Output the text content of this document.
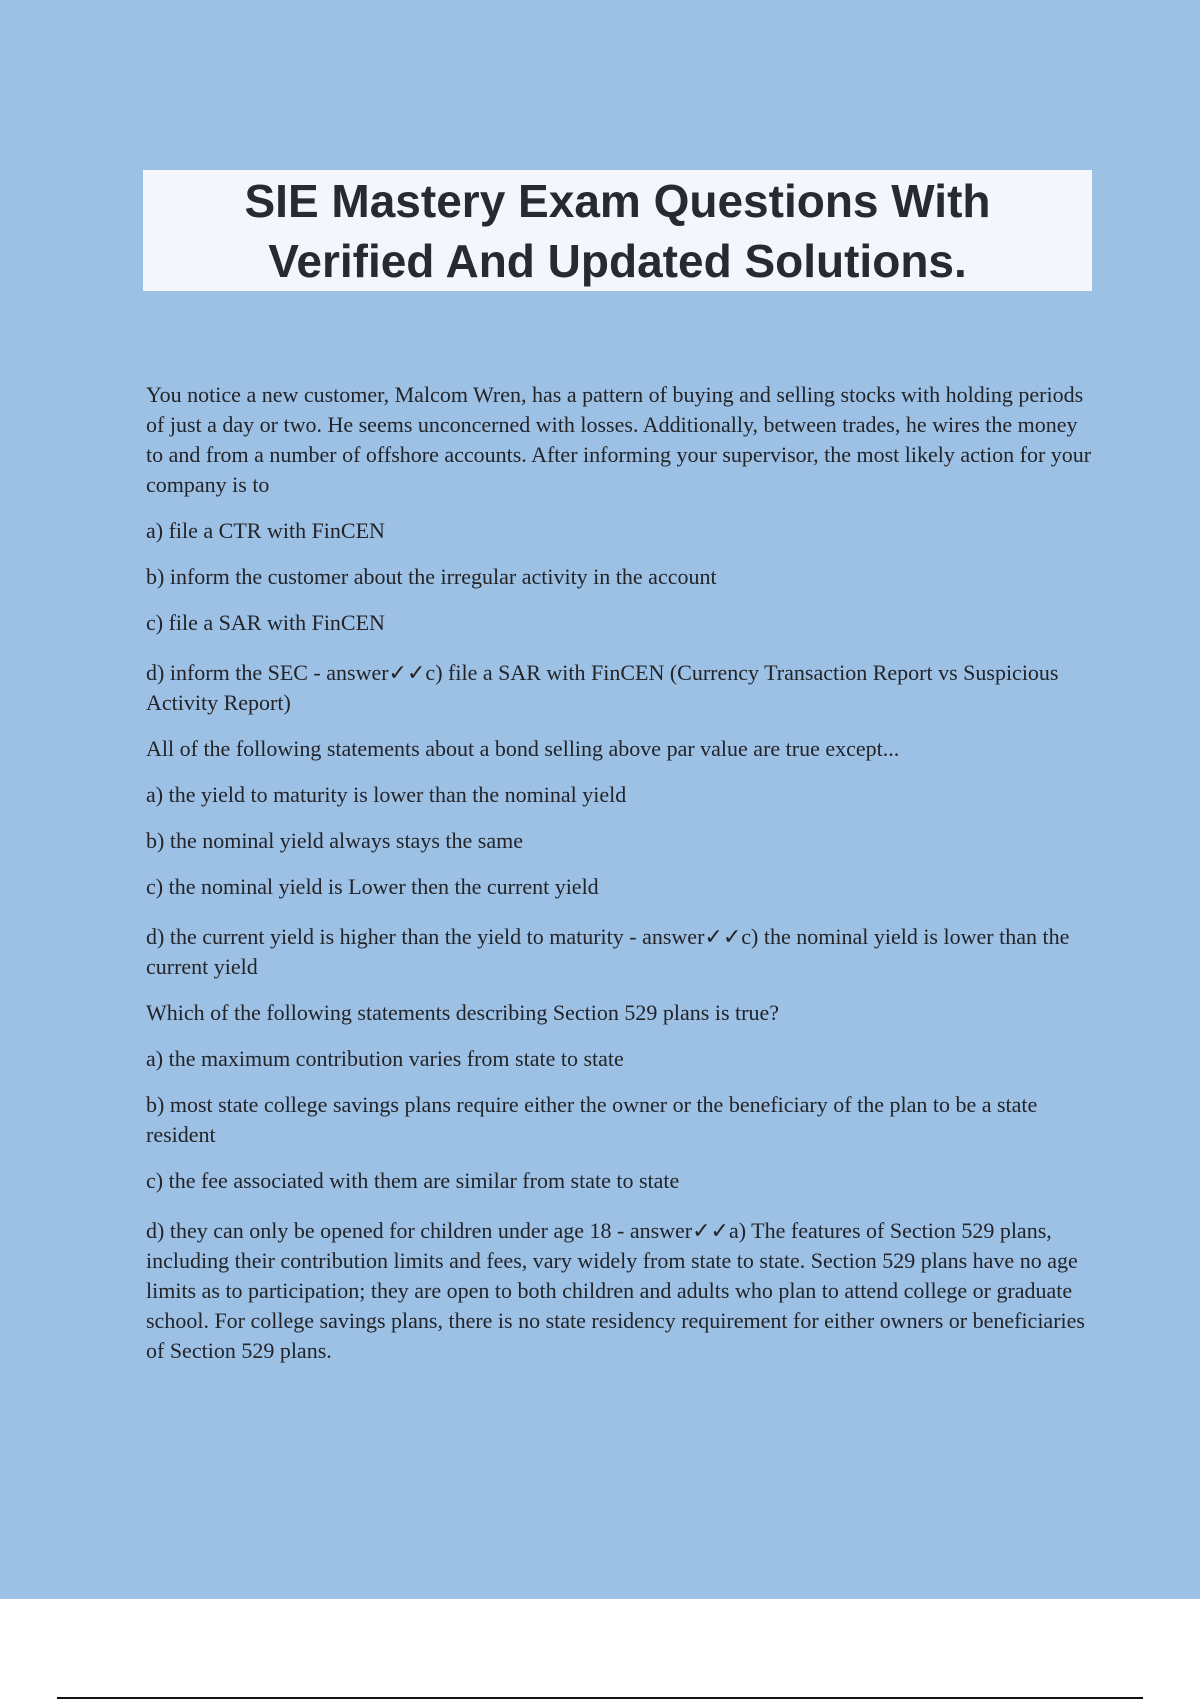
SIE Mastery Exam Questions With
Verified And Updated Solutions.

You notice a new customer, Malcom Wren, has a pattern of buying and selling stocks with holding periods of just a day or two. He seems unconcerned with losses. Additionally, between trades, he wires the money to and from a number of offshore accounts. After informing your supervisor, the most likely action for your company is to

a) file a CTR with FinCEN

b) inform the customer about the irregular activity in the account

c) file a SAR with FinCEN

d) inform the SEC - answer✓✓c) file a SAR with FinCEN (Currency Transaction Report vs Suspicious Activity Report)

All of the following statements about a bond selling above par value are true except...

a) the yield to maturity is lower than the nominal yield

b) the nominal yield always stays the same

c) the nominal yield is Lower then the current yield

d) the current yield is higher than the yield to maturity - answer✓✓c) the nominal yield is lower than the current yield

Which of the following statements describing Section 529 plans is true?

a) the maximum contribution varies from state to state

b) most state college savings plans require either the owner or the beneficiary of the plan to be a state resident

c) the fee associated with them are similar from state to state

d) they can only be opened for children under age 18 - answer✓✓a) The features of Section 529 plans, including their contribution limits and fees, vary widely from state to state. Section 529 plans have no age limits as to participation; they are open to both children and adults who plan to attend college or graduate school. For college savings plans, there is no state residency requirement for either owners or beneficiaries of Section 529 plans.
